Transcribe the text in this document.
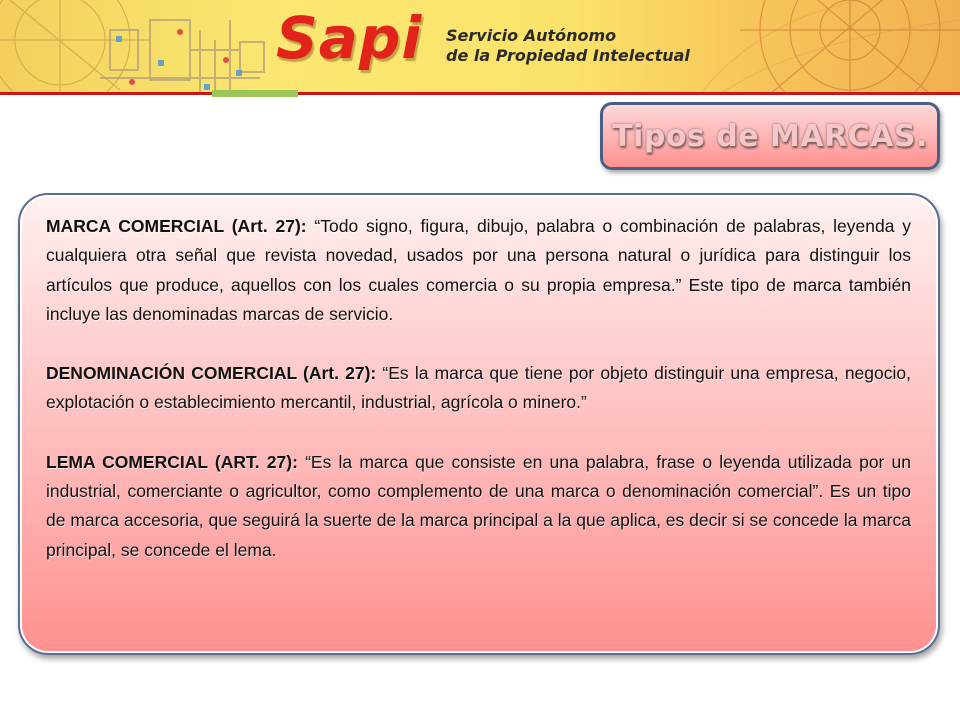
Sapi Servicio Autónomo
de la Propiedad Intelectual
Tipos de MARCAS.

MARCA COMERCIAL (Art. 27): “Todo signo, figura, dibujo, palabra o combinación de palabras, leyenda y cualquiera otra señal que revista novedad, usados por una persona natural o jurídica para distinguir los artículos que produce, aquellos con los cuales comercia o su propia empresa.” Este tipo de marca también incluye las denominadas marcas de servicio.

DENOMINACIÓN COMERCIAL (Art. 27): “Es la marca que tiene por objeto distinguir una empresa, negocio, explotación o establecimiento mercantil, industrial, agrícola o minero.”

LEMA COMERCIAL (ART. 27): “Es la marca que consiste en una palabra, frase o leyenda utilizada por un industrial, comerciante o agricultor, como complemento de una marca o denominación comercial”. Es un tipo de marca accesoria, que seguirá la suerte de la marca principal a la que aplica, es decir si se concede la marca principal, se concede el lema.
